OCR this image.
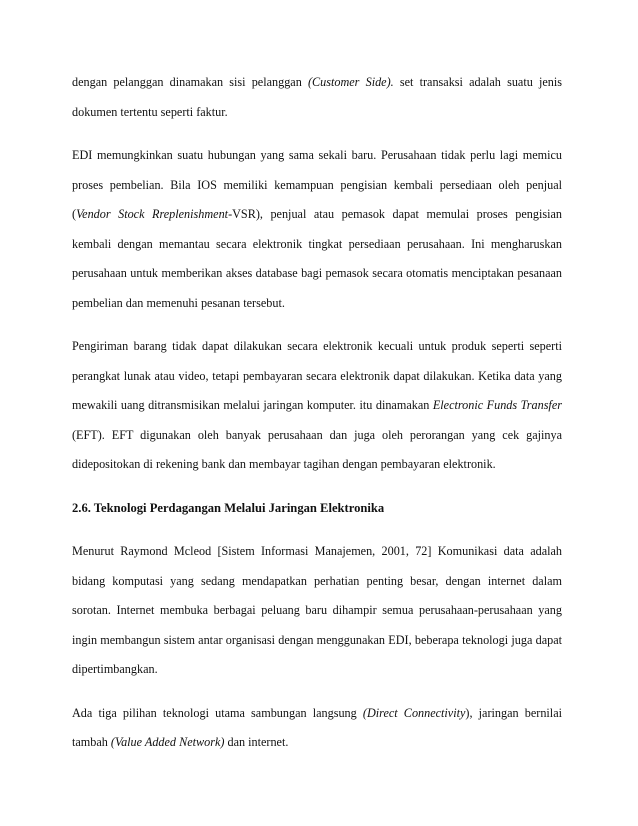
dengan pelanggan dinamakan sisi pelanggan (Customer Side). set transaksi adalah suatu jenis dokumen tertentu seperti faktur.

EDI memungkinkan suatu hubungan yang sama sekali baru. Perusahaan tidak perlu lagi memicu proses pembelian. Bila IOS memiliki kemampuan pengisian kembali persediaan oleh penjual (Vendor Stock Rreplenishment-VSR), penjual atau pemasok dapat memulai proses pengisian kembali dengan memantau secara elektronik tingkat persediaan perusahaan. Ini mengharuskan perusahaan untuk memberikan akses database bagi pemasok secara otomatis menciptakan pesanaan pembelian dan memenuhi pesanan tersebut.

Pengiriman barang tidak dapat dilakukan secara elektronik kecuali untuk produk seperti seperti perangkat lunak atau video, tetapi pembayaran secara elektronik dapat dilakukan. Ketika data yang mewakili uang ditransmisikan melalui jaringan komputer. itu dinamakan Electronic Funds Transfer (EFT). EFT digunakan oleh banyak perusahaan dan juga oleh perorangan yang cek gajinya didepositokan di rekening bank dan membayar tagihan dengan pembayaran elektronik.

2.6. Teknologi Perdagangan Melalui Jaringan Elektronika

Menurut Raymond Mcleod [Sistem Informasi Manajemen, 2001, 72] Komunikasi data adalah bidang komputasi yang sedang mendapatkan perhatian penting besar, dengan internet dalam sorotan. Internet membuka berbagai peluang baru dihampir semua perusahaan-perusahaan yang ingin membangun sistem antar organisasi dengan menggunakan EDI, beberapa teknologi juga dapat dipertimbangkan.

Ada tiga pilihan teknologi utama sambungan langsung (Direct Connectivity), jaringan bernilai tambah (Value Added Network) dan internet.
